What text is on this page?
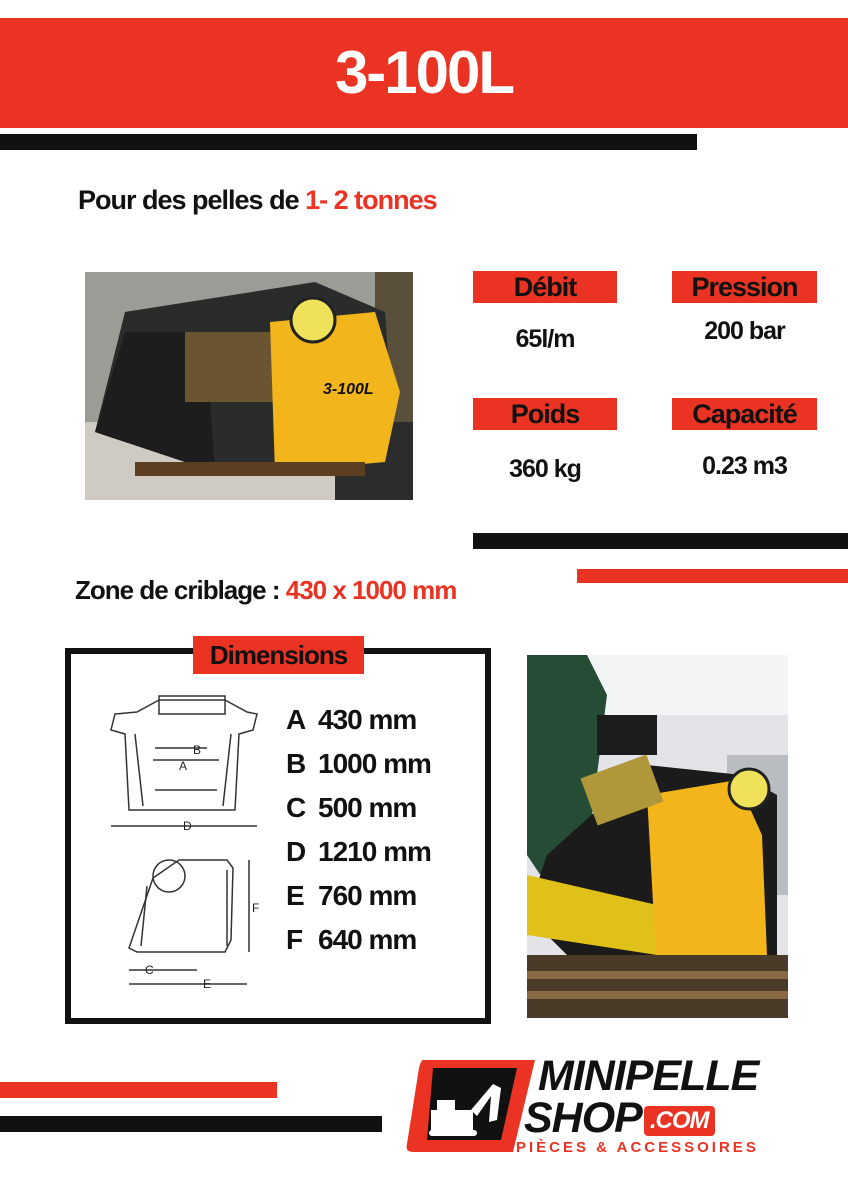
3-100L
Pour des pelles de 1- 2 tonnes
3-100L
Débit
65l/m
Pression
200 bar
Poids
360 kg
Capacité
0.23 m3
Zone de criblage : 430 x 1000 mm
A
B
D
F
C
E
Dimensions
A 430 mm
B 1000 mm
C 500 mm
D 1210 mm
E 760 mm
F 640 mm
MINIPELLE
SHOP .COM
PIÈCES & ACCESSOIRES
